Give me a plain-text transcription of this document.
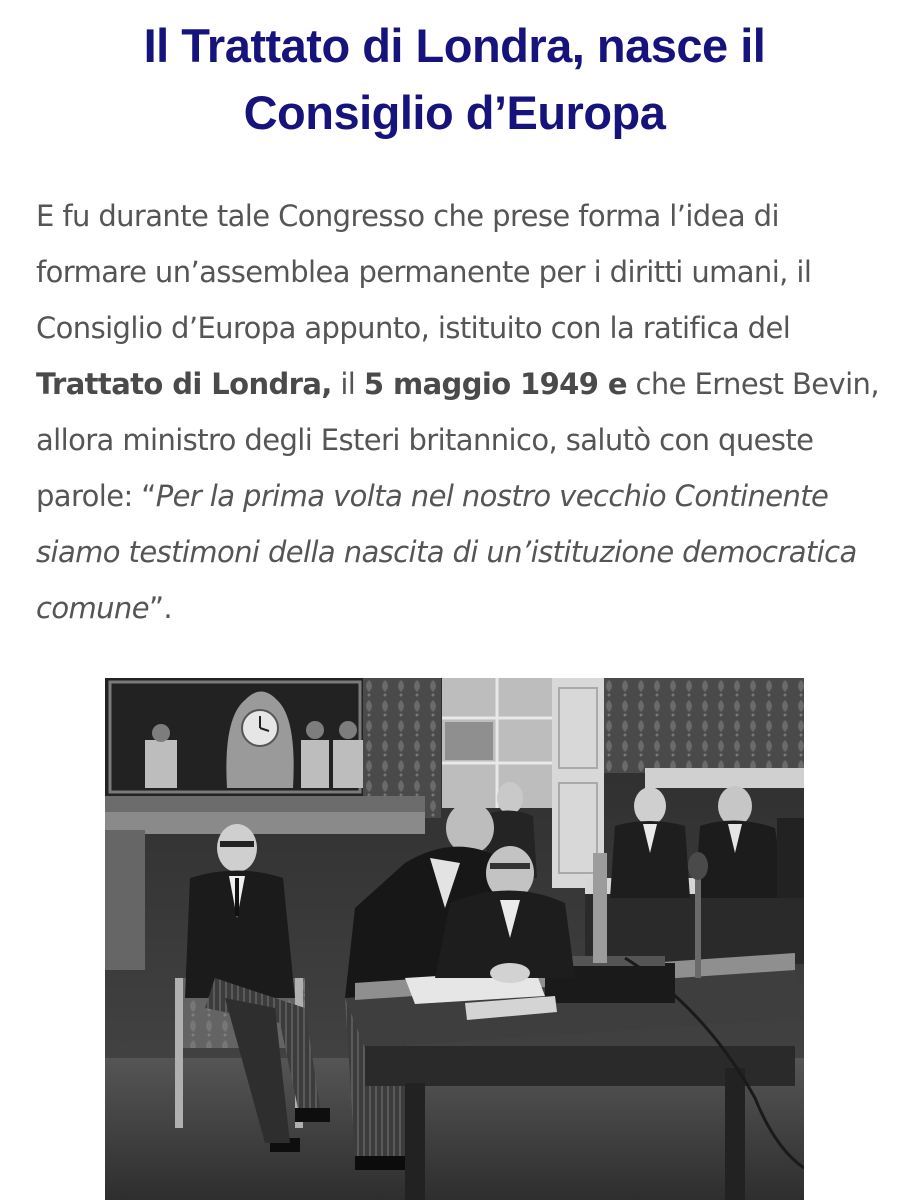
Il Trattato di Londra, nasce il
Consiglio d’Europa

E fu durante tale Congresso che prese forma l’idea di
formare un’assemblea permanente per i diritti umani, il
Consiglio d’Europa appunto, istituito con la ratifica del
Trattato di Londra, il 5 maggio 1949 e che Ernest Bevin,
allora ministro degli Esteri britannico, salutò con queste
parole: “Per la prima volta nel nostro vecchio Continente
siamo testimoni della nascita di un’istituzione democratica
comune”.
